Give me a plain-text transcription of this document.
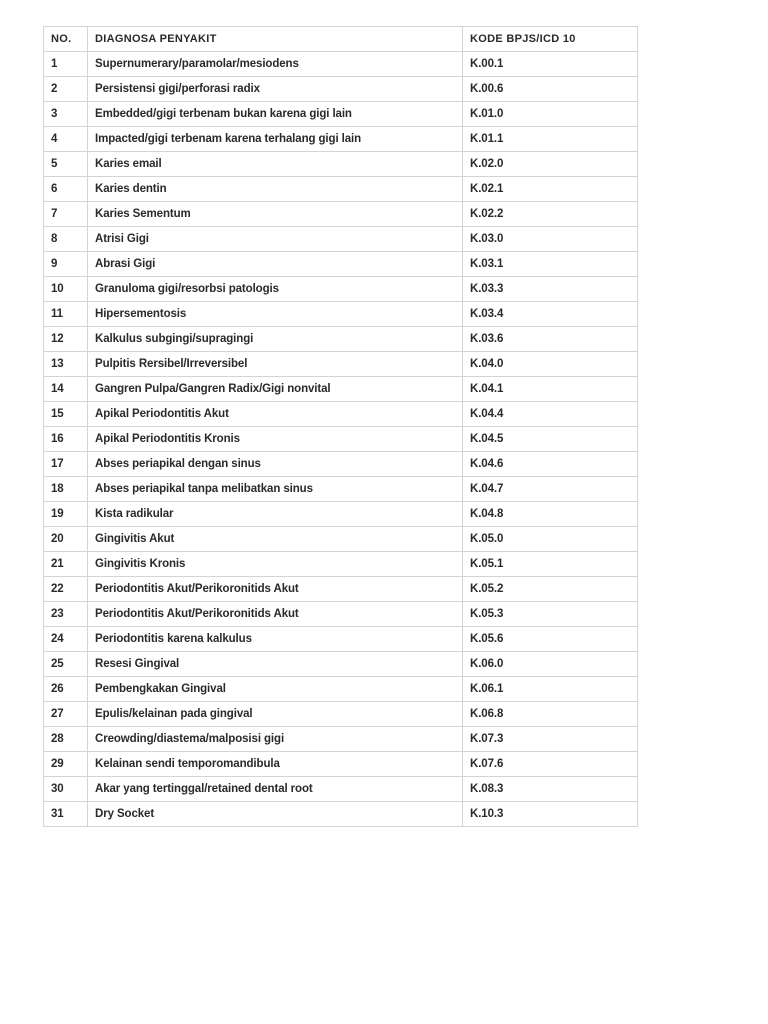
NO.	DIAGNOSA PENYAKIT	KODE BPJS/ICD 10
1	Supernumerary/paramolar/mesiodens	K.00.1
2	Persistensi gigi/perforasi radix	K.00.6
3	Embedded/gigi terbenam bukan karena gigi lain	K.01.0
4	Impacted/gigi terbenam karena terhalang gigi lain	K.01.1
5	Karies email	K.02.0
6	Karies dentin	K.02.1
7	Karies Sementum	K.02.2
8	Atrisi Gigi	K.03.0
9	Abrasi Gigi	K.03.1
10	Granuloma gigi/resorbsi patologis	K.03.3
11	Hipersementosis	K.03.4
12	Kalkulus subgingi/supragingi	K.03.6
13	Pulpitis Rersibel/Irreversibel	K.04.0
14	Gangren Pulpa/Gangren Radix/Gigi nonvital	K.04.1
15	Apikal Periodontitis Akut	K.04.4
16	Apikal Periodontitis Kronis	K.04.5
17	Abses periapikal dengan sinus	K.04.6
18	Abses periapikal tanpa melibatkan sinus	K.04.7
19	Kista radikular	K.04.8
20	Gingivitis Akut	K.05.0
21	Gingivitis Kronis	K.05.1
22	Periodontitis Akut/Perikoronitids Akut	K.05.2
23	Periodontitis Akut/Perikoronitids Akut	K.05.3
24	Periodontitis karena kalkulus	K.05.6
25	Resesi Gingival	K.06.0
26	Pembengkakan Gingival	K.06.1
27	Epulis/kelainan pada gingival	K.06.8
28	Creowding/diastema/malposisi gigi	K.07.3
29	Kelainan sendi temporomandibula	K.07.6
30	Akar yang tertinggal/retained dental root	K.08.3
31	Dry Socket	K.10.3
